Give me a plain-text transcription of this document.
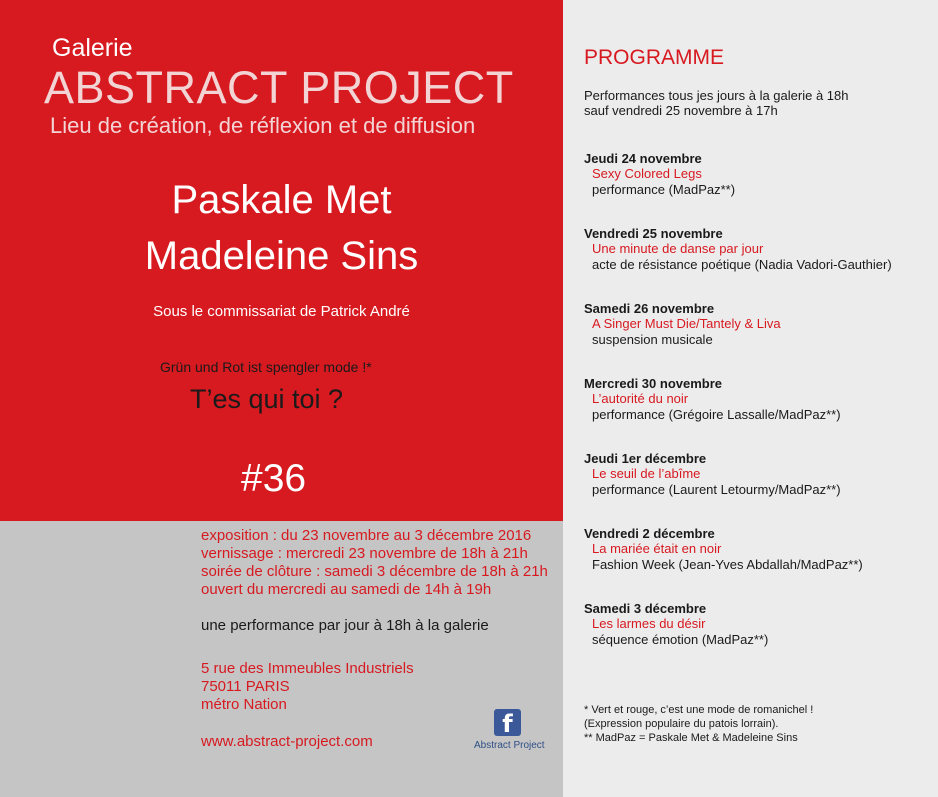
Galerie
ABSTRACT PROJECT
Lieu de création, de réflexion et de diffusion
Paskale Met
Madeleine Sins
Sous le commissariat de Patrick André
Grün und Rot ist spengler mode !*
T’es qui toi ?
#36
exposition : du 23 novembre au 3 décembre 2016
vernissage : mercredi 23 novembre de 18h à 21h
soirée de clôture : samedi 3 décembre de 18h à 21h
ouvert du mercredi au samedi de 14h à 19h
une performance par jour à 18h à la galerie
5 rue des Immeubles Industriels
75011 PARIS
métro Nation
www.abstract-project.com
f
Abstract Project
PROGRAMME
Performances tous jes jours à la galerie à 18h
sauf vendredi 25 novembre à 17h
Jeudi 24 novembre
Sexy Colored Legs
performance (MadPaz**)
Vendredi 25 novembre
Une minute de danse par jour
acte de résistance poétique (Nadia Vadori-Gauthier)
Samedi 26 novembre
A Singer Must Die/Tantely & Liva
suspension musicale
Mercredi 30 novembre
L’autorité du noir
performance (Grégoire Lassalle/MadPaz**)
Jeudi 1er décembre
Le seuil de l’abîme
performance (Laurent Letourmy/MadPaz**)
Vendredi 2 décembre
La mariée était en noir
Fashion Week (Jean-Yves Abdallah/MadPaz**)
Samedi 3 décembre
Les larmes du désir
séquence émotion (MadPaz**)
* Vert et rouge, c’est une mode de romanichel !
(Expression populaire du patois lorrain).
** MadPaz = Paskale Met & Madeleine Sins
